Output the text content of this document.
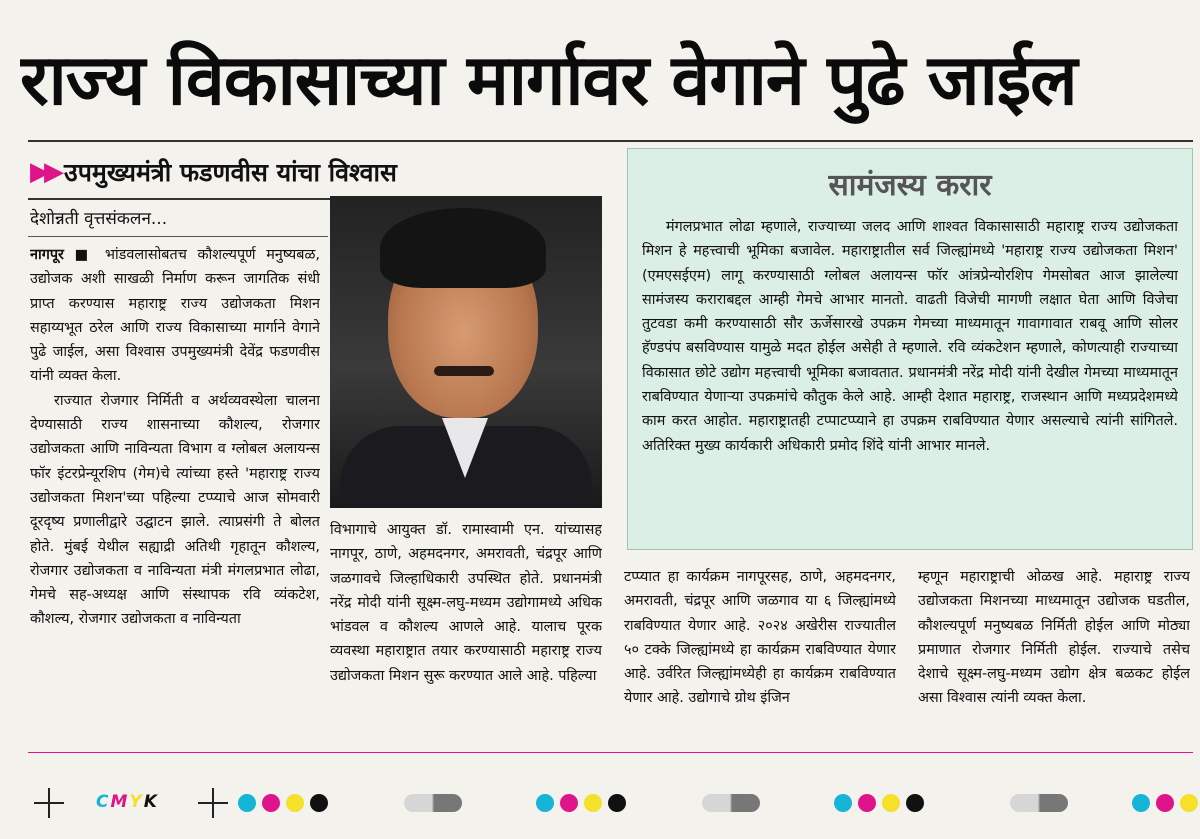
राज्य विकासाच्या मार्गावर वेगाने पुढे जाईल
▶▶ उपमुख्यमंत्री फडणवीस यांचा विश्वास
देशोन्नती वृत्तसंकलन...

नागपूर ■ भांडवलासोबतच कौशल्यपूर्ण मनुष्यबळ, उद्योजक अशी साखळी निर्माण करून जागतिक संधी प्राप्त करण्यास महाराष्ट्र राज्य उद्योजकता मिशन सहाय्यभूत ठरेल आणि राज्य विकासाच्या मार्गाने वेगाने पुढे जाईल, असा विश्वास उपमुख्यमंत्री देवेंद्र फडणवीस यांनी व्यक्त केला.

राज्यात रोजगार निर्मिती व अर्थव्यवस्थेला चालना देण्यासाठी राज्य शासनाच्या कौशल्य, रोजगार उद्योजकता आणि नाविन्यता विभाग व ग्लोबल अलायन्स फॉर इंटरप्रेन्यूरशिप (गेम)चे त्यांच्या हस्ते 'महाराष्ट्र राज्य उद्योजकता मिशन'च्या पहिल्या टप्प्याचे आज सोमवारी दूरदृष्य प्रणालीद्वारे उद्घाटन झाले. त्याप्रसंगी ते बोलत होते. मुंबई येथील सह्याद्री अतिथी गृहातून कौशल्य, रोजगार उद्योजकता व नाविन्यता मंत्री मंगलप्रभात लोढा, गेमचे सह-अध्यक्ष आणि संस्थापक रवि व्यंकटेश, कौशल्य, रोजगार उद्योजकता व नाविन्यता

विभागाचे आयुक्त डॉ. रामास्वामी एन. यांच्यासह नागपूर, ठाणे, अहमदनगर, अमरावती, चंद्रपूर आणि जळगावचे जिल्हाधिकारी उपस्थित होते. प्रधानमंत्री नरेंद्र मोदी यांनी सूक्ष्म-लघु-मध्यम उद्योगामध्ये अधिक भांडवल व कौशल्य आणले आहे. यालाच पूरक व्यवस्था महाराष्ट्रात तयार करण्यासाठी महाराष्ट्र राज्य उद्योजकता मिशन सुरू करण्यात आले आहे. पहिल्या
सामंजस्य करार
मंगलप्रभात लोढा म्हणाले, राज्याच्या जलद आणि शाश्वत विकासासाठी महाराष्ट्र राज्य उद्योजकता मिशन हे महत्त्वाची भूमिका बजावेल. महाराष्ट्रातील सर्व जिल्ह्यांमध्ये 'महाराष्ट्र राज्य उद्योजकता मिशन' (एमएसईएम) लागू करण्यासाठी ग्लोबल अलायन्स फॉर आंत्रप्रेन्योरशिप गेमसोबत आज झालेल्या सामंजस्य कराराबद्दल आम्ही गेमचे आभार मानतो. वाढती विजेची मागणी लक्षात घेता आणि विजेचा तुटवडा कमी करण्यासाठी सौर ऊर्जेसारखे उपक्रम गेमच्या माध्यमातून गावागावात राबवू आणि सोलर हॅण्डपंप बसविण्यास यामुळे मदत होईल असेही ते म्हणाले. रवि व्यंकटेशन म्हणाले, कोणत्याही राज्याच्या विकासात छोटे उद्योग महत्त्वाची भूमिका बजावतात. प्रधानमंत्री नरेंद्र मोदी यांनी देखील गेमच्या माध्यमातून राबविण्यात येणाऱ्या उपक्रमांचे कौतुक केले आहे. आम्ही देशात महाराष्ट्र, राजस्थान आणि मध्यप्रदेशमध्ये काम करत आहोत. महाराष्ट्रातही टप्पाटप्प्याने हा उपक्रम राबविण्यात येणार असल्याचे त्यांनी सांगितले. अतिरिक्त मुख्य कार्यकारी अधिकारी प्रमोद शिंदे यांनी आभार मानले.
टप्प्यात हा कार्यक्रम नागपूरसह, ठाणे, अहमदनगर, अमरावती, चंद्रपूर आणि जळगाव या ६ जिल्ह्यांमध्ये राबविण्यात येणार आहे. २०२४ अखेरीस राज्यातील ५० टक्के जिल्ह्यांमध्ये हा कार्यक्रम राबविण्यात येणार आहे. उर्वरित जिल्ह्यांमध्येही हा कार्यक्रम राबविण्यात येणार आहे. उद्योगाचे ग्रोथ इंजिन
म्हणून महाराष्ट्राची ओळख आहे. महाराष्ट्र राज्य उद्योजकता मिशनच्या माध्यमातून उद्योजक घडतील, कौशल्यपूर्ण मनुष्यबळ निर्मिती होईल आणि मोठ्या प्रमाणात रोजगार निर्मिती होईल. राज्याचे तसेच देशाचे सूक्ष्म-लघु-मध्यम उद्योग क्षेत्र बळकट होईल असा विश्वास त्यांनी व्यक्त केला.
CMYK
